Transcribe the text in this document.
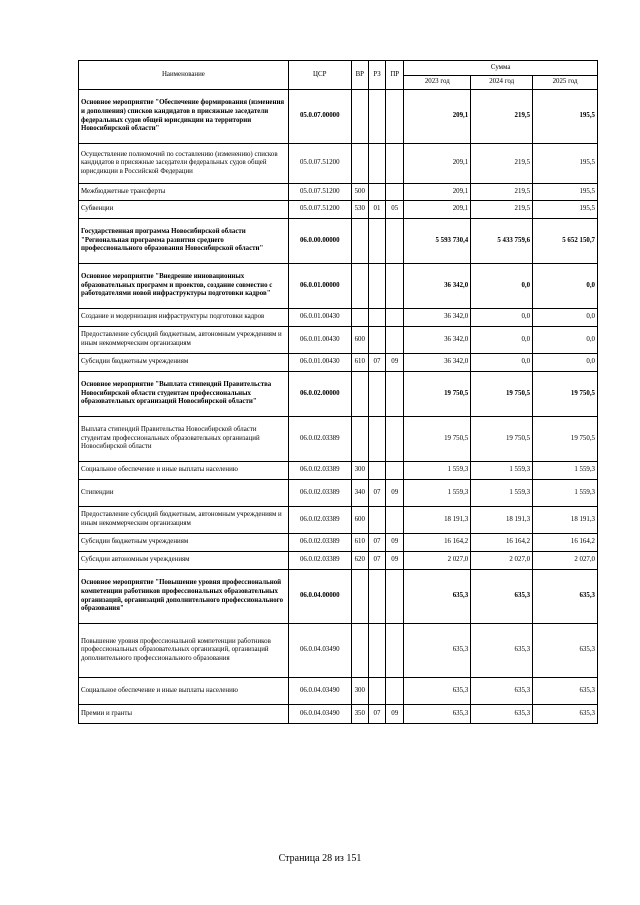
Наименование	ЦСР	ВР	РЗ	ПР	Сумма		
					2023 год	2024 год	2025 год
Основное мероприятие "Обеспечение формирования (изменения и дополнения) списков кандидатов в присяжные заседатели федеральных судов общей юрисдикции на территории Новосибирской области"	05.0.07.00000				209,1	219,5	195,5
Осуществление полномочий по составлению (изменению) списков кандидатов в присяжные заседатели федеральных судов общей юрисдикции в Российской Федерации	05.0.07.51200				209,1	219,5	195,5
Межбюджетные трансферты	05.0.07.51200	500			209,1	219,5	195,5
Субвенции	05.0.07.51200	530	01	05	209,1	219,5	195,5
Государственная программа Новосибирской области "Региональная программа развития среднего профессионального образования Новосибирской области"	06.0.00.00000				5 593 730,4	5 433 759,6	5 652 150,7
Основное мероприятие "Внедрение инновационных образовательных программ и проектов, создание совместно с работодателями новой инфраструктуры подготовки кадров"	06.0.01.00000				36 342,0	0,0	0,0
Создание и модернизация инфраструктуры подготовки кадров	06.0.01.00430				36 342,0	0,0	0,0
Предоставление субсидий бюджетным, автономным учреждениям и иным некоммерческим организациям	06.0.01.00430	600			36 342,0	0,0	0,0
Субсидии бюджетным учреждениям	06.0.01.00430	610	07	09	36 342,0	0,0	0,0
Основное мероприятие "Выплата стипендий Правительства Новосибирской области студентам профессиональных образовательных организаций Новосибирской области"	06.0.02.00000				19 750,5	19 750,5	19 750,5
Выплата стипендий Правительства Новосибирской области студентам профессиональных образовательных организаций Новосибирской области	06.0.02.03389				19 750,5	19 750,5	19 750,5
Социальное обеспечение и иные выплаты населению	06.0.02.03389	300			1 559,3	1 559,3	1 559,3
Стипендии	06.0.02.03389	340	07	09	1 559,3	1 559,3	1 559,3
Предоставление субсидий бюджетным, автономным учреждениям и иным некоммерческим организациям	06.0.02.03389	600			18 191,3	18 191,3	18 191,3
Субсидии бюджетным учреждениям	06.0.02.03389	610	07	09	16 164,2	16 164,2	16 164,2
Субсидии автономным учреждениям	06.0.02.03389	620	07	09	2 027,0	2 027,0	2 027,0
Основное мероприятие "Повышение уровня профессиональной компетенции работников профессиональных образовательных организаций, организаций дополнительного профессионального образования"	06.0.04.00000				635,3	635,3	635,3
Повышение уровня профессиональной компетенции работников профессиональных образовательных организаций, организаций дополнительного профессионального образования	06.0.04.03490				635,3	635,3	635,3
Социальное обеспечение и иные выплаты населению	06.0.04.03490	300			635,3	635,3	635,3
Премии и гранты	06.0.04.03490	350	07	09	635,3	635,3	635,3
Страница 28 из 151
